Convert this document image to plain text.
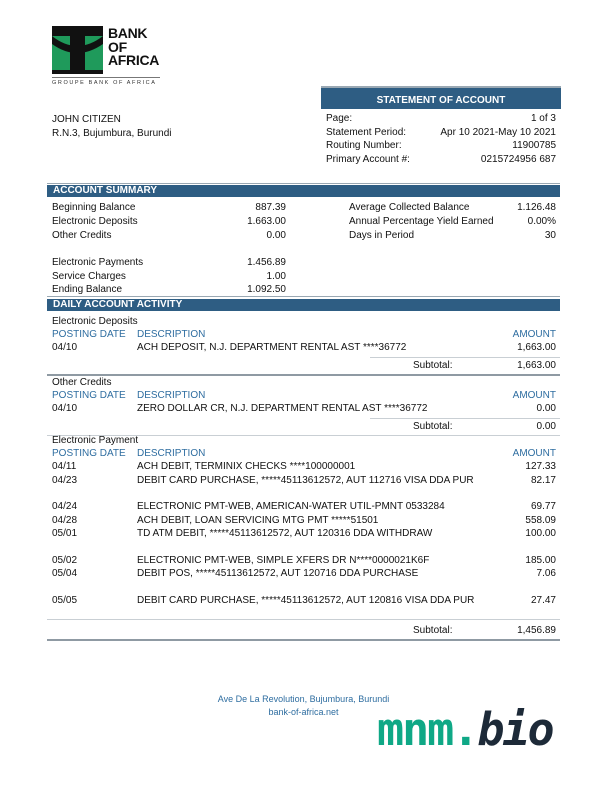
BANK
OF
AFRICA
GROUPE BANK OF AFRICA
JOHN CITIZEN
R.N.3, Bujumbura, Burundi
STATEMENT OF ACCOUNT
Page:	1 of 3
Statement Period:	Apr 10 2021-May 10 2021
Routing Number:	11900785
Primary Account #:	0215724956 687
ACCOUNT SUMMARY
Beginning Balance	887.39
Electronic Deposits	1.663.00
Other Credits	0.00
Electronic Payments	1.456.89
Service Charges	1.00
Ending Balance	1.092.50
Average Collected Balance	1.126.48
Annual Percentage Yield Earned	0.00%
Days in Period	30
DAILY ACCOUNT ACTIVITY
Electronic Deposits
POSTING DATE	DESCRIPTION	AMOUNT
04/10	ACH DEPOSIT, N.J. DEPARTMENT RENTAL AST ****36772	1,663.00
Subtotal:	1,663.00
Other Credits
POSTING DATE	DESCRIPTION	AMOUNT
04/10	ZERO DOLLAR CR, N.J. DEPARTMENT RENTAL AST ****36772	0.00
Subtotal:	0.00
Electronic Payment
POSTING DATE	DESCRIPTION	AMOUNT
04/11	ACH DEBIT, TERMINIX CHECKS ****100000001	127.33
04/23	DEBIT CARD PURCHASE, *****45113612572, AUT 112716 VISA DDA PUR	82.17
04/24	ELECTRONIC PMT-WEB, AMERICAN-WATER UTIL-PMNT 0533284	69.77
04/28	ACH DEBIT, LOAN SERVICING MTG PMT *****51501	558.09
05/01	TD ATM DEBIT, *****45113612572, AUT 120316 DDA WITHDRAW	100.00
05/02	ELECTRONIC PMT-WEB, SIMPLE XFERS DR N****0000021K6F	185.00
05/04	DEBIT POS, *****45113612572, AUT 120716 DDA PURCHASE	7.06
05/05	DEBIT CARD PURCHASE, *****45113612572, AUT 120816 VISA DDA PUR	27.47
Subtotal:	1,456.89
Ave De La Revolution, Bujumbura, Burundi
bank-of-africa.net mnm.bio
